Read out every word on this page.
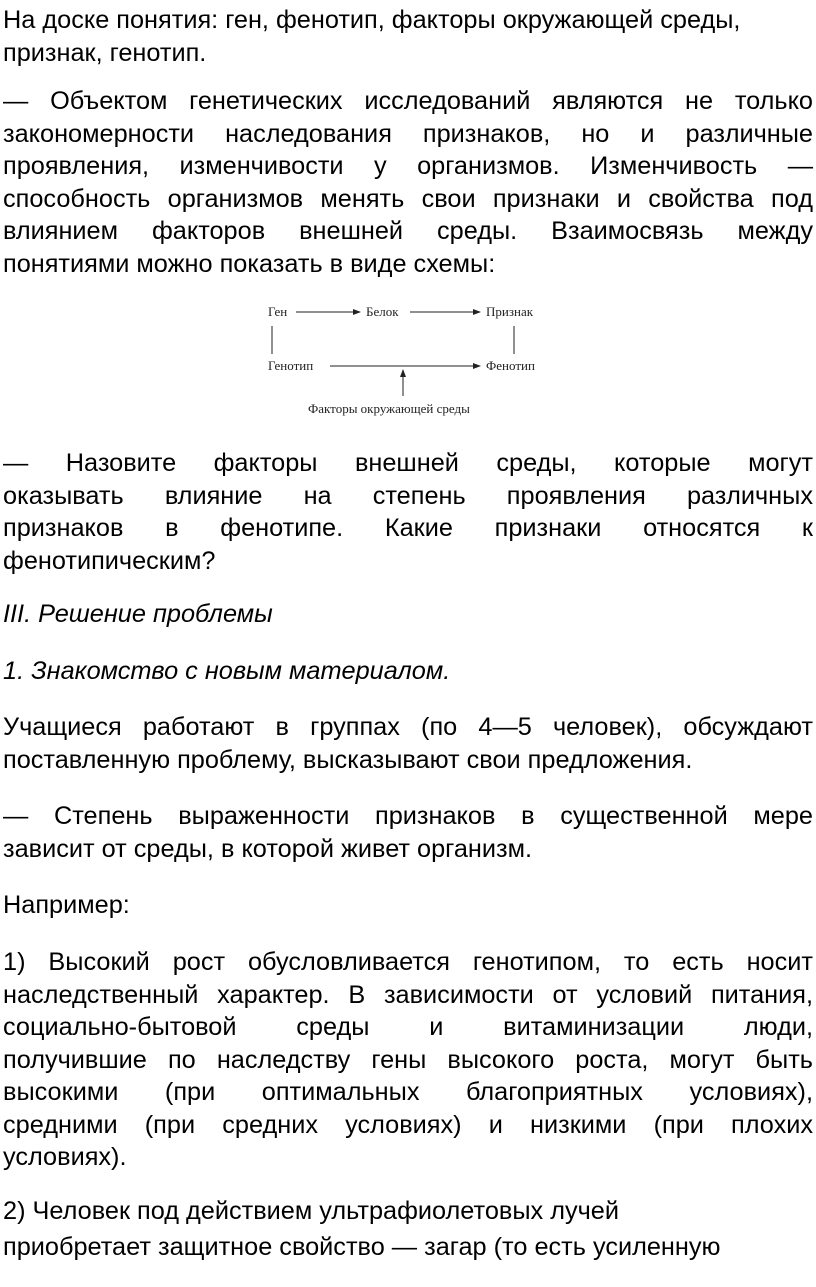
На доске понятия: ген, фенотип, факторы окружающей среды,
признак, генотип.
— Объектом генетических исследований являются не только
закономерности наследования признаков, но и различные
проявления, изменчивости у организмов. Изменчивость —
способность организмов менять свои признаки и свойства под
влиянием факторов внешней среды. Взаимосвязь между
понятиями можно показать в виде схемы:
Ген	Белок	Признак
Генотип	Фенотип
Факторы окружающей среды
— Назовите факторы внешней среды, которые могут
оказывать влияние на степень проявления различных
признаков в фенотипе. Какие признаки относятся к
фенотипическим?
III. Решение проблемы
1. Знакомство с новым материалом.
Учащиеся работают в группах (по 4—5 человек), обсуждают
поставленную проблему, высказывают свои предложения.
— Степень выраженности признаков в существенной мере
зависит от среды, в которой живет организм.
Например:
1) Высокий рост обусловливается генотипом, то есть носит
наследственный характер. В зависимости от условий питания,
социально-бытовой среды и витаминизации люди,
получившие по наследству гены высокого роста, могут быть
высокими (при оптимальных благоприятных условиях),
средними (при средних условиях) и низкими (при плохих
условиях).
2) Человек под действием ультрафиолетовых лучей
приобретает защитное свойство — загар (то есть усиленную
